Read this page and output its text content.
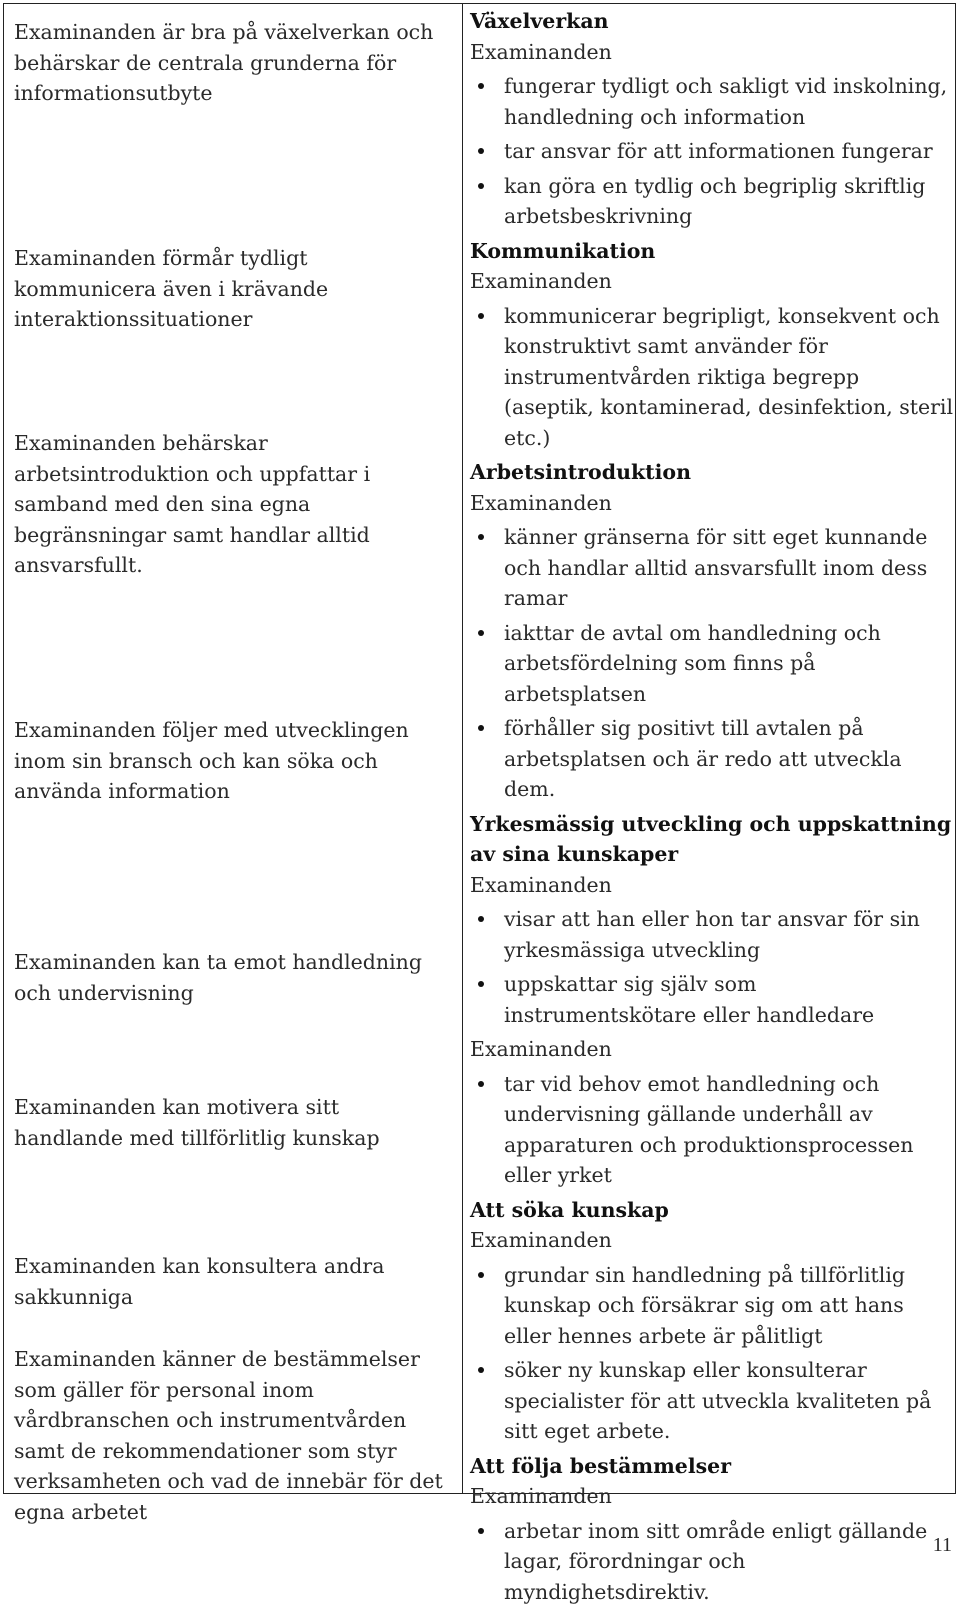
Examinanden är bra på växelverkan och behärskar de centrala grunderna för informationsutbyte
Examinanden förmår tydligt kommunicera även i krävande interaktionssituationer
Examinanden behärskar arbetsintroduktion och uppfattar i samband med den sina egna begränsningar samt handlar alltid ansvarsfullt.
Examinanden följer med utvecklingen inom sin bransch och kan söka och använda information
Examinanden kan ta emot handledning och undervisning
Examinanden kan motivera sitt handlande med tillförlitlig kunskap
Examinanden kan konsultera andra sakkunniga
Examinanden känner de bestämmelser som gäller för personal inom vårdbranschen och instrumentvården samt de rekommendationer som styr verksamheten och vad de innebär för det egna arbetet
Växelverkan
Examinanden
fungerar tydligt och sakligt vid inskolning, handledning och information
tar ansvar för att informationen fungerar
kan göra en tydlig och begriplig skriftlig arbetsbeskrivning
Kommunikation
Examinanden
kommunicerar begripligt, konsekvent och konstruktivt samt använder för instrumentvården riktiga begrepp (aseptik, kontaminerad, desinfektion, steril etc.)
Arbetsintroduktion
Examinanden
känner gränserna för sitt eget kunnande och handlar alltid ansvarsfullt inom dess ramar
iakttar de avtal om handledning och arbetsfördelning som finns på arbetsplatsen
förhåller sig positivt till avtalen på arbetsplatsen och är redo att utveckla dem.
Yrkesmässig utveckling och uppskattning av sina kunskaper
Examinanden
visar att han eller hon tar ansvar för sin yrkesmässiga utveckling
uppskattar sig själv som instrumentskötare eller handledare
Examinanden
tar vid behov emot handledning och undervisning gällande underhåll av apparaturen och produktionsprocessen eller yrket
Att söka kunskap
Examinanden
grundar sin handledning på tillförlitlig kunskap och försäkrar sig om att hans eller hennes arbete är pålitligt
söker ny kunskap eller konsulterar specialister för att utveckla kvaliteten på sitt eget arbete.
Att följa bestämmelser
Examinanden
arbetar inom sitt område enligt gällande lagar, förordningar och myndighetsdirektiv.
11
